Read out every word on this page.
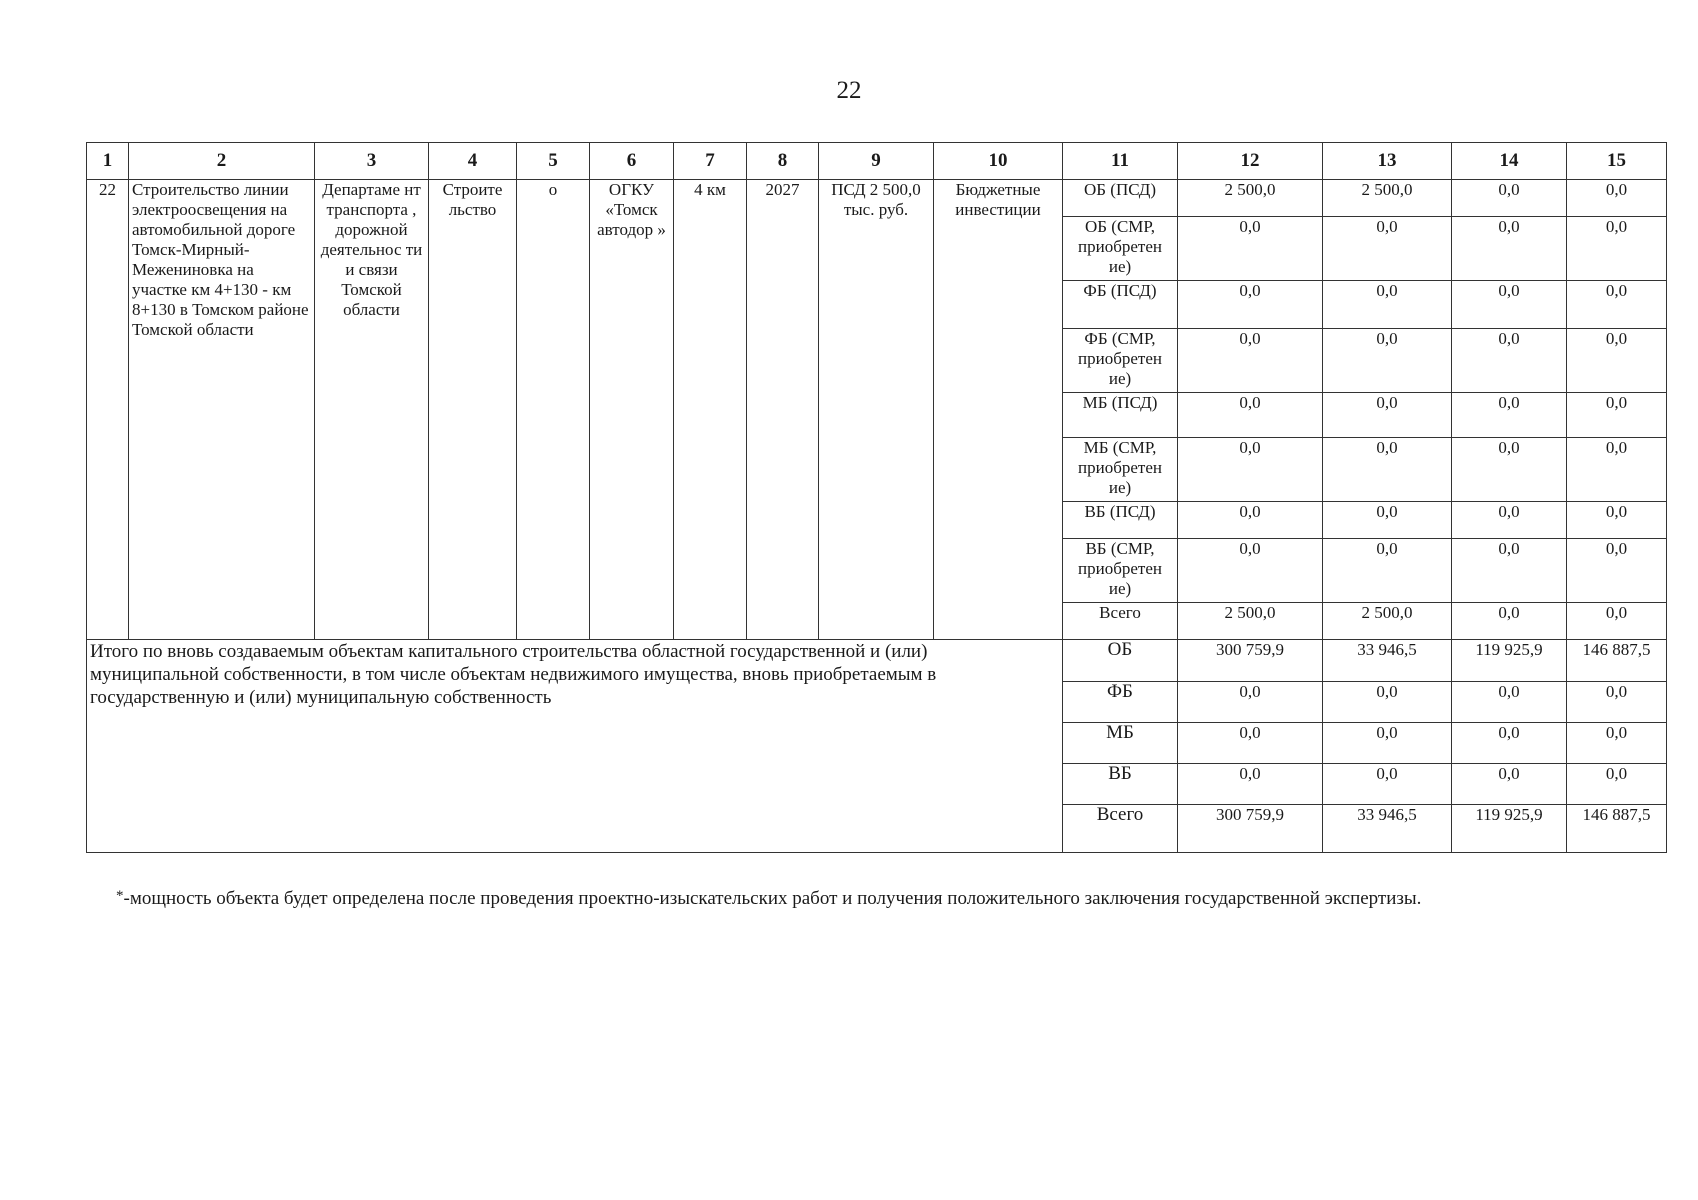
22
1	2	3	4	5	6	7	8	9	10	11	12	13	14	15
22	Строительство линии электроосвещения на автомобильной дороге Томск-Мирный-Межениновка на участке км 4+130 - км 8+130 в Томском районе Томской области	Департаме нт транспорта , дорожной деятельнос ти и связи Томской области	Строите льство	о	ОГКУ «Томск автодор »	4 км	2027	ПСД 2 500,0 тыс. руб.	Бюджетные инвестиции	ОБ (ПСД)	2 500,0	2 500,0	0,0	0,0
										ОБ (СМР, приобретен ие)	0,0	0,0	0,0	0,0
										ФБ (ПСД)	0,0	0,0	0,0	0,0
										ФБ (СМР, приобретен ие)	0,0	0,0	0,0	0,0
										МБ (ПСД)	0,0	0,0	0,0	0,0
										МБ (СМР, приобретен ие)	0,0	0,0	0,0	0,0
										ВБ (ПСД)	0,0	0,0	0,0	0,0
										ВБ (СМР, приобретен ие)	0,0	0,0	0,0	0,0
										Всего	2 500,0	2 500,0	0,0	0,0
Итого по вновь создаваемым объектам капитального строительства областной государственной и (или) муниципальной собственности, в том числе объектам недвижимого имущества, вновь приобретаемым в государственную и (или) муниципальную собственность										ОБ	300 759,9	33 946,5	119 925,9	146 887,5
										ФБ	0,0	0,0	0,0	0,0
										МБ	0,0	0,0	0,0	0,0
										ВБ	0,0	0,0	0,0	0,0
										Всего	300 759,9	33 946,5	119 925,9	146 887,5
*-мощность объекта будет определена после проведения проектно-изыскательских работ и получения положительного заключения государственной экспертизы.
